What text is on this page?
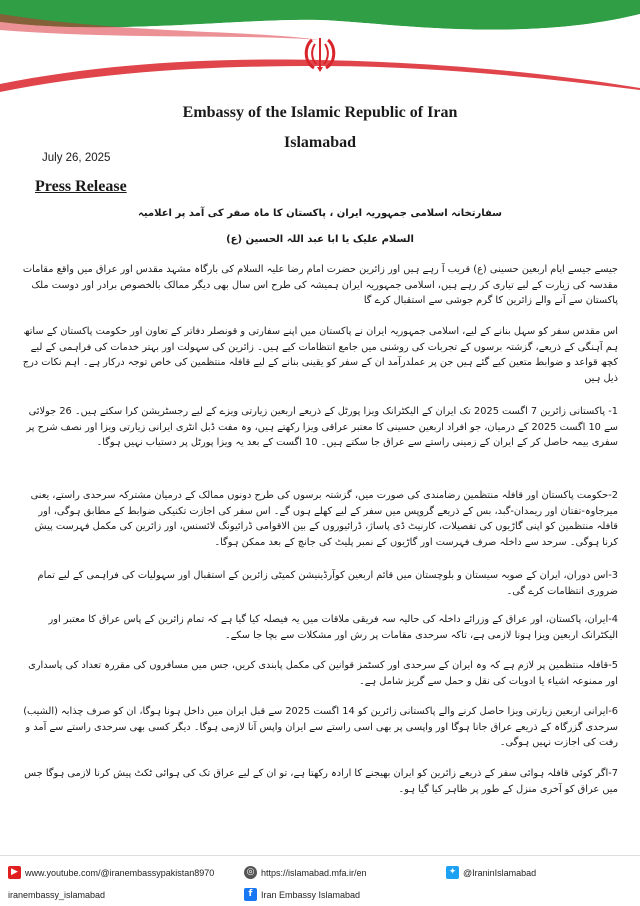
Embassy of the Islamic Republic of Iran
Islamabad
July 26, 2025
Press Release

سفارتخانہ اسلامی جمہوریہ ایران ، پاکستان کا ماہ صفر کی آمد پر اعلامیہ

السلام علیک یا ابا عبد اللہ الحسین (ع)

جیسے جیسے ایام اربعین حسینی (ع) قریب آ رہے ہیں اور زائرین حضرت امام رضا علیہ السلام کی بارگاہ مشہد مقدس اور عراق میں واقع مقامات مقدسہ کی زیارت کے لیے تیاری کر رہے ہیں، اسلامی جمہوریہ ایران ہمیشہ کی طرح اس سال بھی دیگر ممالک بالخصوص برادر اور دوست ملک پاکستان سے آنے والے زائرین کا گرم جوشی سے استقبال کرے گا

اس مقدس سفر کو سہل بنانے کے لیے، اسلامی جمہوریہ ایران نے پاکستان میں اپنے سفارتی و قونصلر دفاتر کے تعاون اور حکومت پاکستان کے ساتھ ہم آہنگی کے ذریعے، گزشتہ برسوں کے تجربات کی روشنی میں جامع انتظامات کیے ہیں۔ زائرین کی سہولت اور بہتر خدمات کی فراہمی کے لیے کچھ قواعد و ضوابط متعین کیے گئے ہیں جن پر عملدرآمد ان کے سفر کو یقینی بنانے کے لیے قافلہ منتظمین کی خاص توجہ درکار ہے۔ اہم نکات درج ذیل ہیں

1- پاکستانی زائرین 7 اگست 2025 تک ایران کے الیکٹرانک ویزا پورٹل کے ذریعے اربعین زیارتی ویزے کے لیے رجسٹریشن کرا سکتے ہیں۔ 26 جولائی سے 10 اگست 2025 کے درمیان، جو افراد اربعین حسینی کا معتبر عراقی ویزا رکھتے ہیں، وہ مفت ڈبل انٹری ایرانی زیارتی ویزا اور نصف شرح پر سفری بیمہ حاصل کر کے ایران کے زمینی راستے سے عراق جا سکتے ہیں۔ 10 اگست کے بعد یہ ویزا پورٹل پر دستیاب نہیں ہوگا۔

2-حکومت پاکستان اور قافلہ منتظمین رضامندی کی صورت میں، گزشتہ برسوں کی طرح دونوں ممالک کے درمیان مشترکہ سرحدی راستے، یعنی میرجاوہ-تفتان اور ریمدان-گبد، بس کے ذریعے گروپس میں سفر کے لیے کھلے ہوں گے۔ اس سفر کی اجازت تکنیکی ضوابط کے مطابق ہوگی، اور قافلہ منتظمین کو اپنی گاڑیوں کی تفصیلات، کارنیٹ ڈی پاساژ، ڈرائیوروں کے بین الاقوامی ڈرائیونگ لائسنس، اور زائرین کی مکمل فہرست پیش کرنا ہوگی۔ سرحد سے داخلہ صرف فہرست اور گاڑیوں کے نمبر پلیٹ کی جانچ کے بعد ممکن ہوگا۔

3-اس دوران، ایران کے صوبہ سیستان و بلوچستان میں قائم اربعین کوآرڈینیشن کمیٹی زائرین کے استقبال اور سہولیات کی فراہمی کے لیے تمام ضروری انتظامات کرے گی۔

4-ایران، پاکستان، اور عراق کے وزرائے داخلہ کی حالیہ سہ فریقی ملاقات میں یہ فیصلہ کیا گیا ہے کہ تمام زائرین کے پاس عراق کا معتبر اور الیکٹرانک اربعین ویزا ہونا لازمی ہے، تاکہ سرحدی مقامات پر رش اور مشکلات سے بچا جا سکے۔

5-قافلہ منتظمین پر لازم ہے کہ وہ ایران کے سرحدی اور کسٹمز قوانین کی مکمل پابندی کریں، جس میں مسافروں کی مقررہ تعداد کی پاسداری اور ممنوعہ اشیاء یا ادویات کی نقل و حمل سے گریز شامل ہے۔

6-ایرانی اربعین زیارتی ویزا حاصل کرنے والے پاکستانی زائرین کو 14 اگست 2025 سے قبل ایران میں داخل ہونا ہوگا، ان کو صرف چذابہ (الشیب) سرحدی گزرگاہ کے ذریعے عراق جانا ہوگا اور واپسی پر بھی اسی راستے سے ایران واپس آنا لازمی ہوگا۔ دیگر کسی بھی سرحدی راستے سے آمد و رفت کی اجازت نہیں ہوگی۔

7-اگر کوئی قافلہ ہوائی سفر کے ذریعے زائرین کو ایران بھیجنے کا ارادہ رکھتا ہے، تو ان کے لیے عراق تک کی ہوائی ٹکٹ پیش کرنا لازمی ہوگا جس میں عراق کو آخری منزل کے طور پر ظاہر کیا گیا ہو۔

▶ www.youtube.com/@iranembassypakistan8970	◎ https://islamabad.mfa.ir/en	✦ @IraninIslamabad
iranembassy_islamabad	f Iran Embassy Islamabad
